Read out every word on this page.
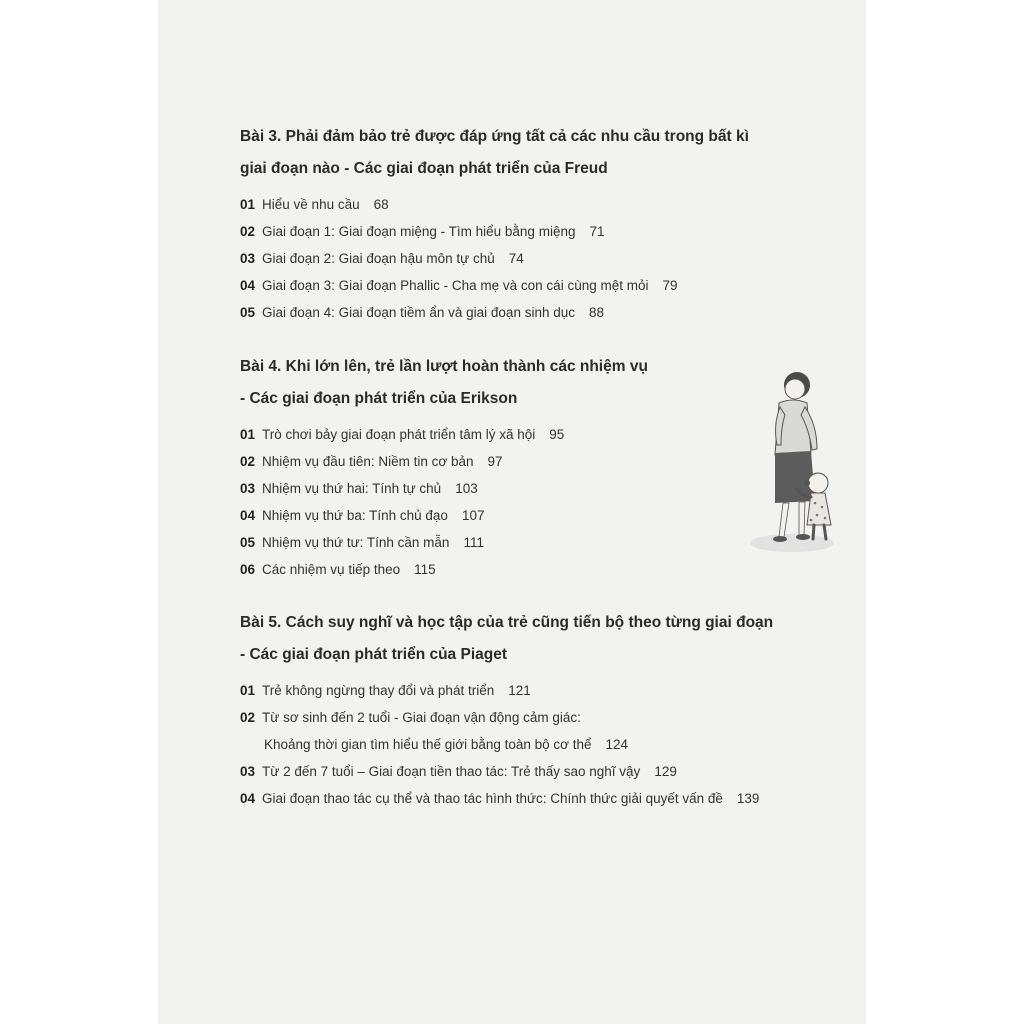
Bài 3. Phải đảm bảo trẻ được đáp ứng tất cả các nhu cầu trong bất kì
giai đoạn nào - Các giai đoạn phát triển của Freud
01 Hiểu về nhu cầu 68
02 Giai đoạn 1: Giai đoạn miệng - Tìm hiểu bằng miệng 71
03 Giai đoạn 2: Giai đoạn hậu môn tự chủ 74
04 Giai đoạn 3: Giai đoạn Phallic - Cha mẹ và con cái cùng mệt mỏi 79
05 Giai đoạn 4: Giai đoạn tiềm ẩn và giai đoạn sinh dục 88
Bài 4. Khi lớn lên, trẻ lần lượt hoàn thành các nhiệm vụ
- Các giai đoạn phát triển của Erikson
01 Trò chơi bảy giai đoạn phát triển tâm lý xã hội 95
02 Nhiệm vụ đầu tiên: Niềm tin cơ bản 97
03 Nhiệm vụ thứ hai: Tính tự chủ 103
04 Nhiệm vụ thứ ba: Tính chủ đạo 107
05 Nhiệm vụ thứ tư: Tính cần mẫn 111
06 Các nhiệm vụ tiếp theo 115
Bài 5. Cách suy nghĩ và học tập của trẻ cũng tiến bộ theo từng giai đoạn
- Các giai đoạn phát triển của Piaget
01 Trẻ không ngừng thay đổi và phát triển 121
02 Từ sơ sinh đến 2 tuổi - Giai đoạn vận động cảm giác:
Khoảng thời gian tìm hiểu thế giới bằng toàn bộ cơ thể 124
03 Từ 2 đến 7 tuổi – Giai đoạn tiền thao tác: Trẻ thấy sao nghĩ vậy 129
04 Giai đoạn thao tác cụ thể và thao tác hình thức: Chính thức giải quyết vấn đề 139
